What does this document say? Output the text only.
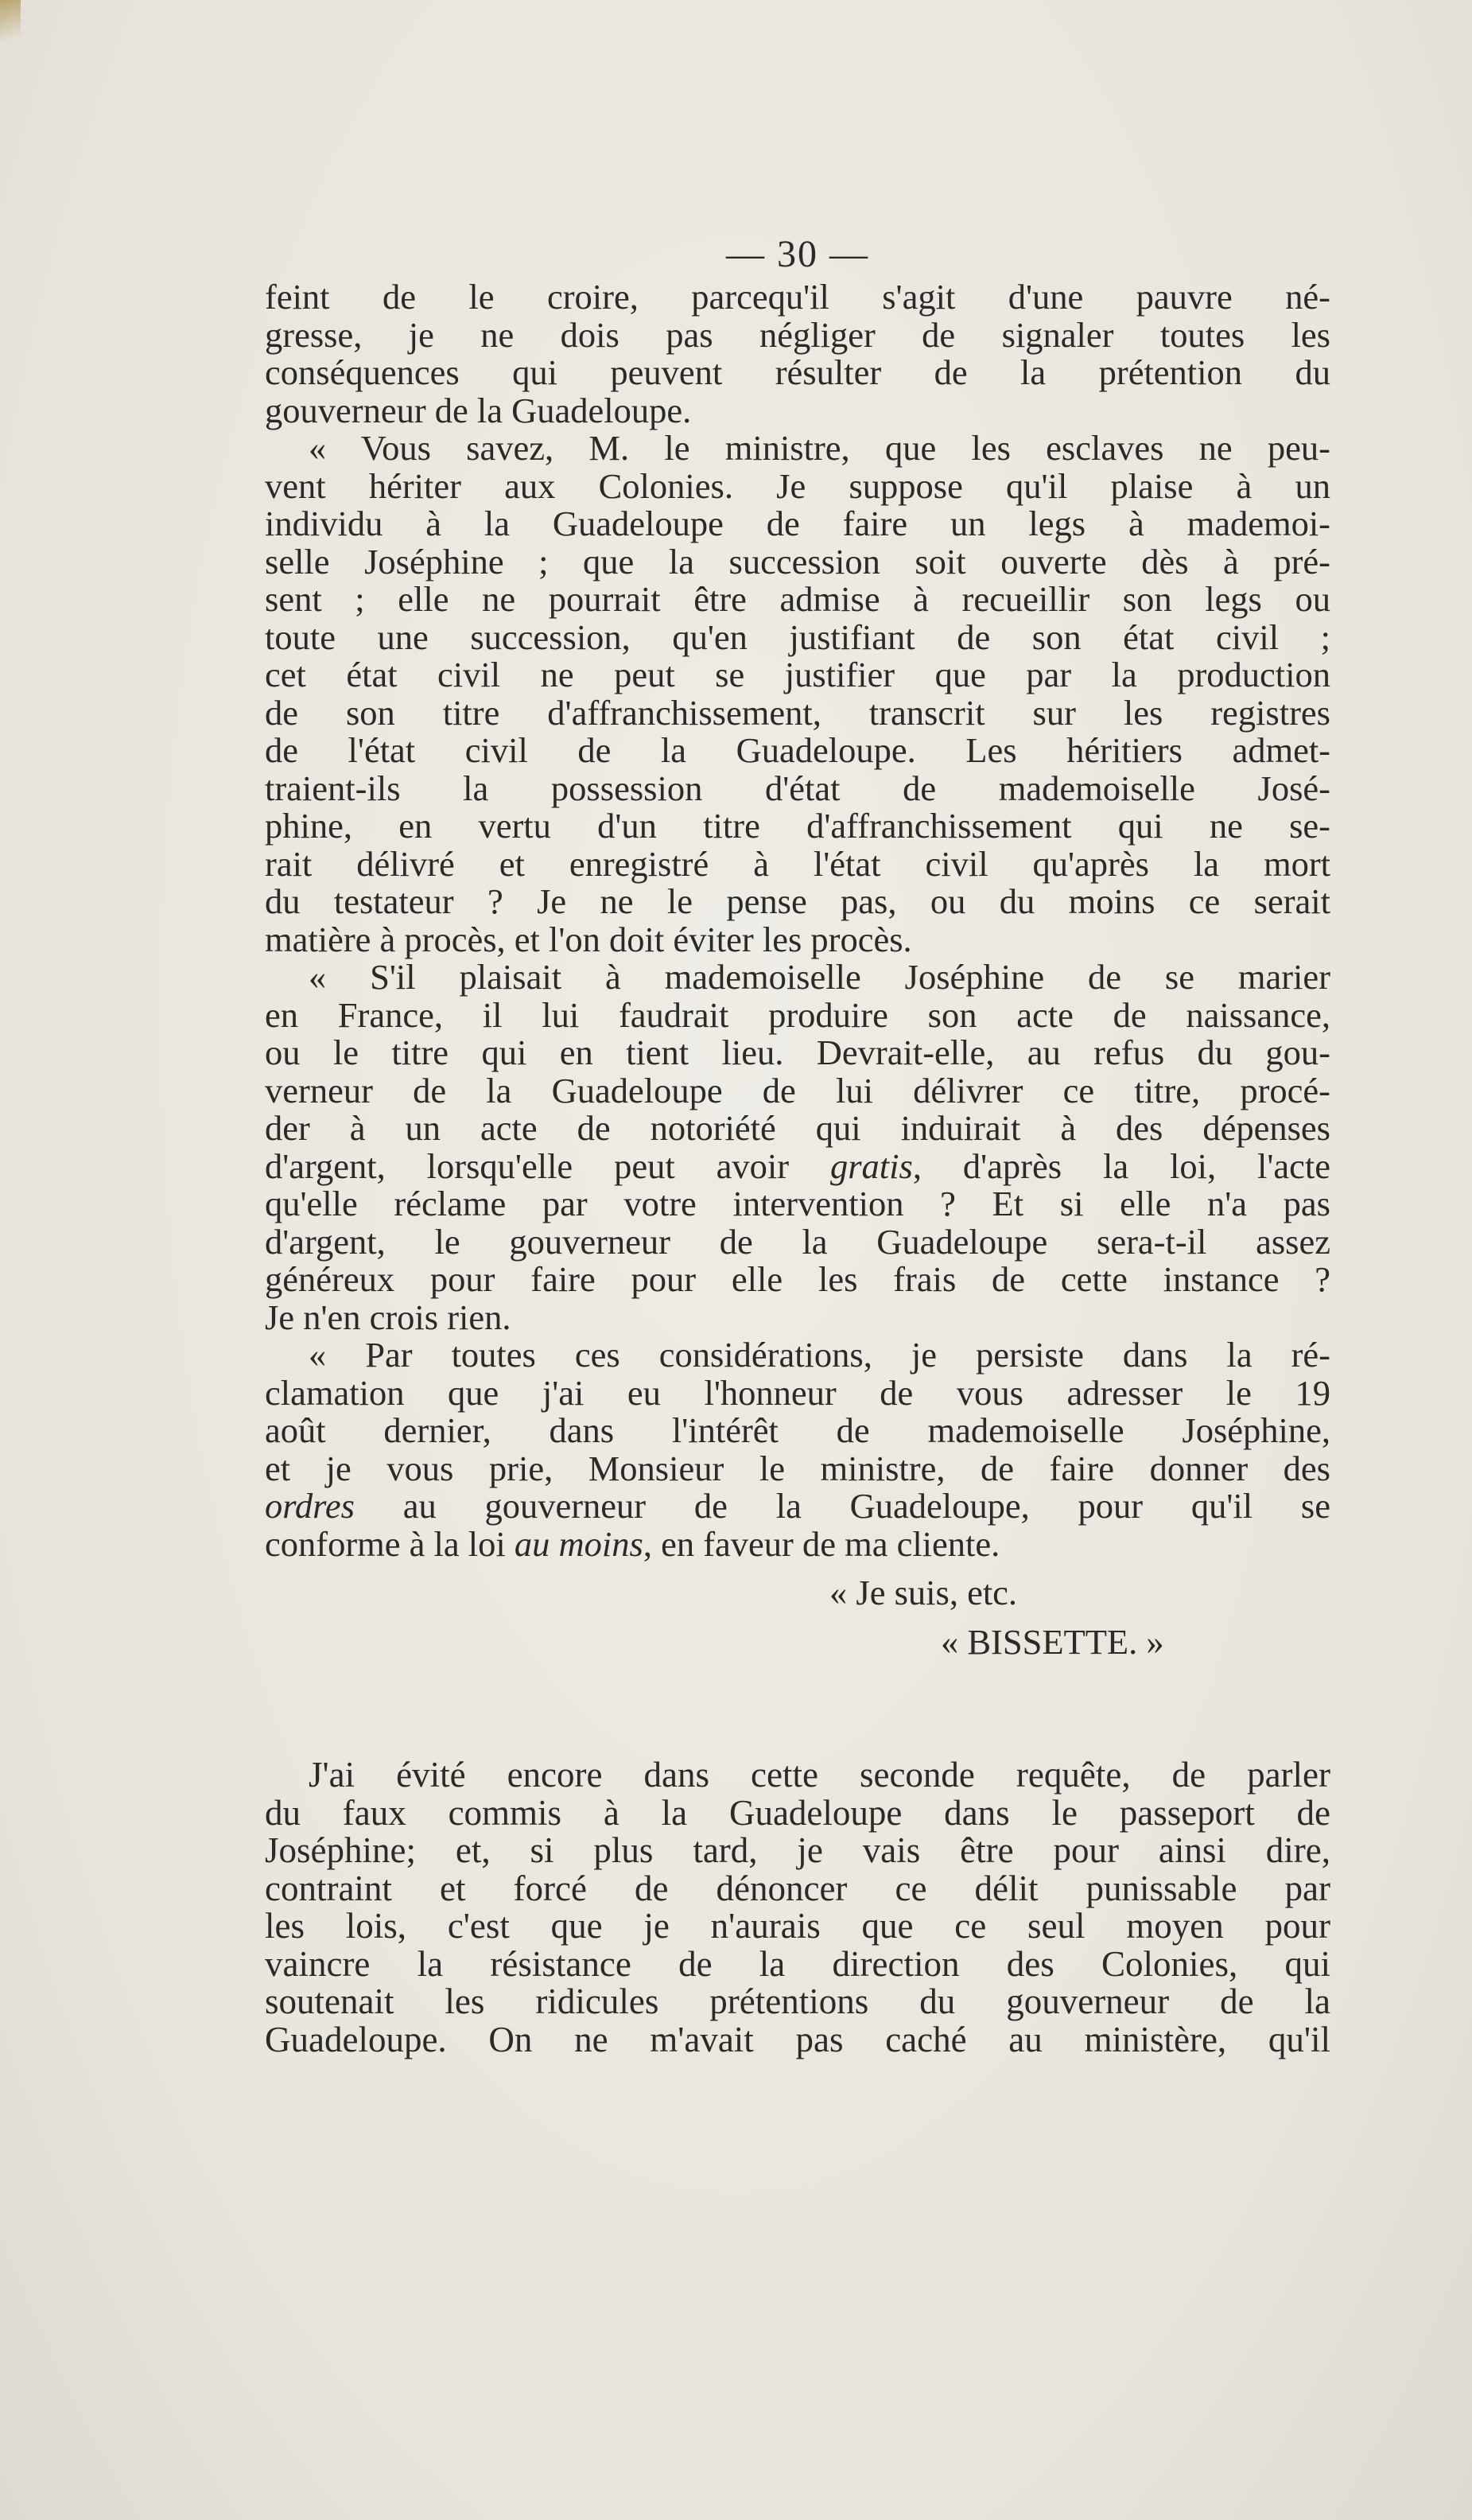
— 30 —
feint de le croire, parcequ'il s'agit d'une pauvre né-
gresse, je ne dois pas négliger de signaler toutes les
conséquences qui peuvent résulter de la prétention du
gouverneur de la Guadeloupe.
« Vous savez, M. le ministre, que les esclaves ne peu-
vent hériter aux Colonies. Je suppose qu'il plaise à un
individu à la Guadeloupe de faire un legs à mademoi-
selle Joséphine ; que la succession soit ouverte dès à pré-
sent ; elle ne pourrait être admise à recueillir son legs ou
toute une succession, qu'en justifiant de son état civil ;
cet état civil ne peut se justifier que par la production
de son titre d'affranchissement, transcrit sur les registres
de l'état civil de la Guadeloupe. Les héritiers admet-
traient-ils la possession d'état de mademoiselle José-
phine, en vertu d'un titre d'affranchissement qui ne se-
rait délivré et enregistré à l'état civil qu'après la mort
du testateur ? Je ne le pense pas, ou du moins ce serait
matière à procès, et l'on doit éviter les procès.
« S'il plaisait à mademoiselle Joséphine de se marier
en France, il lui faudrait produire son acte de naissance,
ou le titre qui en tient lieu. Devrait-elle, au refus du gou-
verneur de la Guadeloupe de lui délivrer ce titre, procé-
der à un acte de notoriété qui induirait à des dépenses
d'argent, lorsqu'elle peut avoir gratis, d'après la loi, l'acte
qu'elle réclame par votre intervention ? Et si elle n'a pas
d'argent, le gouverneur de la Guadeloupe sera-t-il assez
généreux pour faire pour elle les frais de cette instance ?
Je n'en crois rien.
« Par toutes ces considérations, je persiste dans la ré-
clamation que j'ai eu l'honneur de vous adresser le 19
août dernier, dans l'intérêt de mademoiselle Joséphine,
et je vous prie, Monsieur le ministre, de faire donner des
ordres au gouverneur de la Guadeloupe, pour qu'il se
conforme à la loi au moins, en faveur de ma cliente.
« Je suis, etc.
« BISSETTE. »
J'ai évité encore dans cette seconde requête, de parler
du faux commis à la Guadeloupe dans le passeport de
Joséphine; et, si plus tard, je vais être pour ainsi dire,
contraint et forcé de dénoncer ce délit punissable par
les lois, c'est que je n'aurais que ce seul moyen pour
vaincre la résistance de la direction des Colonies, qui
soutenait les ridicules prétentions du gouverneur de la
Guadeloupe. On ne m'avait pas caché au ministère, qu'il
